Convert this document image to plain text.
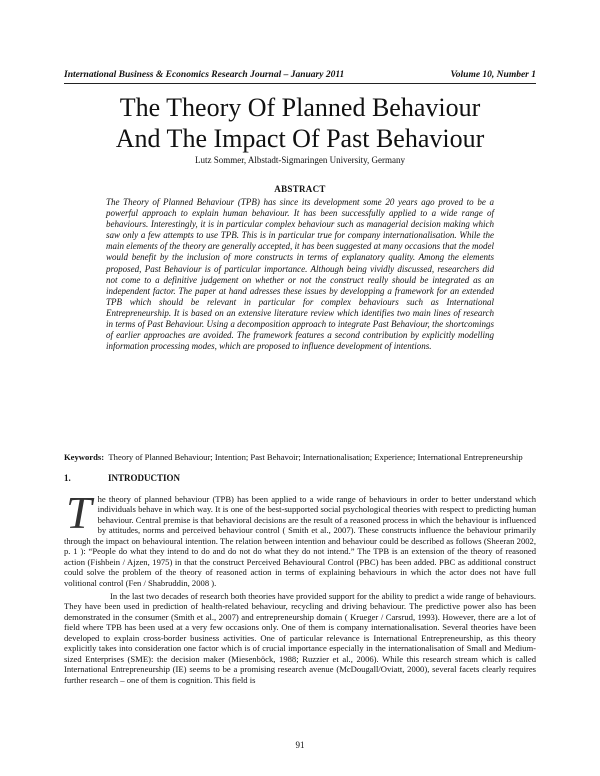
International Business & Economics Research Journal – January 2011	Volume 10, Number 1
The Theory Of Planned Behaviour
And The Impact Of Past Behaviour
Lutz Sommer, Albstadt-Sigmaringen University, Germany
ABSTRACT

The Theory of Planned Behaviour (TPB) has since its development some 20 years ago proved to be a powerful approach to explain human behaviour. It has been successfully applied to a wide range of behaviours. Interestingly, it is in particular complex behaviour such as managerial decision making which saw only a few attempts to use TPB. This is in particular true for company internationalisation. While the main elements of the theory are generally accepted, it has been suggested at many occasions that the model would benefit by the inclusion of more constructs in terms of explanatory quality. Among the elements proposed, Past Behaviour is of particular importance. Although being vividly discussed, researchers did not come to a definitive judgement on whether or not the construct really should be integrated as an independent factor. The paper at hand adresses these issues by developping a framework for an extended TPB which should be relevant in particular for complex behaviours such as International Entrepreneurship. It is based on an extensive literature review which identifies two main lines of research in terms of Past Behaviour. Using a decomposition approach to integrate Past Behaviour, the shortcomings of earlier approaches are avoided. The framework features a second contribution by explicitly modelling information processing modes, which are proposed to influence development of intentions.

Keywords: Theory of Planned Behaviour; Intention; Past Behavoir; Internationalisation; Experience; International Entrepreneurship

1.	INTRODUCTION

The theory of planned behaviour (TPB) has been applied to a wide range of behaviours in order to better understand which individuals behave in which way. It is one of the best-supported social psychological theories with respect to predicting human behaviour. Central premise is that behavioral decisions are the result of a reasoned process in which the behaviour is influenced by attitudes, norms and perceived behaviour control ( Smith et al., 2007). These constructs influence the behaviour primarily through the impact on behavioural intention. The relation between intention and behaviour could be described as follows (Sheeran 2002, p. 1 ): “People do what they intend to do and do not do what they do not intend.” The TPB is an extension of the theory of reasoned action (Fishbein / Ajzen, 1975) in that the construct Perceived Behavioural Control (PBC) has been added. PBC as additional construct could solve the problem of the theory of reasoned action in terms of explaining behaviours in which the actor does not have full volitional control (Fen / Shabruddin, 2008 ).

In the last two decades of research both theories have provided support for the ability to predict a wide range of behaviours. They have been used in prediction of health-related behaviour, recycling and driving behaviour. The predictive power also has been demonstrated in the consumer (Smith et al., 2007) and entrepreneurship domain ( Krueger / Carsrud, 1993). However, there are a lot of field where TPB has been used at a very few occasions only. One of them is company internationalisation. Several theories have been developed to explain cross-border business activities. One of particular relevance is International Entrepreneurship, as this theory explicitly takes into consideration one factor which is of crucial importance especially in the internationalisation of Small and Medium-sized Enterprises (SME): the decision maker (Miesenböck, 1988; Ruzzier et al., 2006). While this research stream which is called International Entrepreneurship (IE) seems to be a promising research avenue (McDougall/Oviatt, 2000), several facets clearly requires further research – one of them is cognition. This field is

91
